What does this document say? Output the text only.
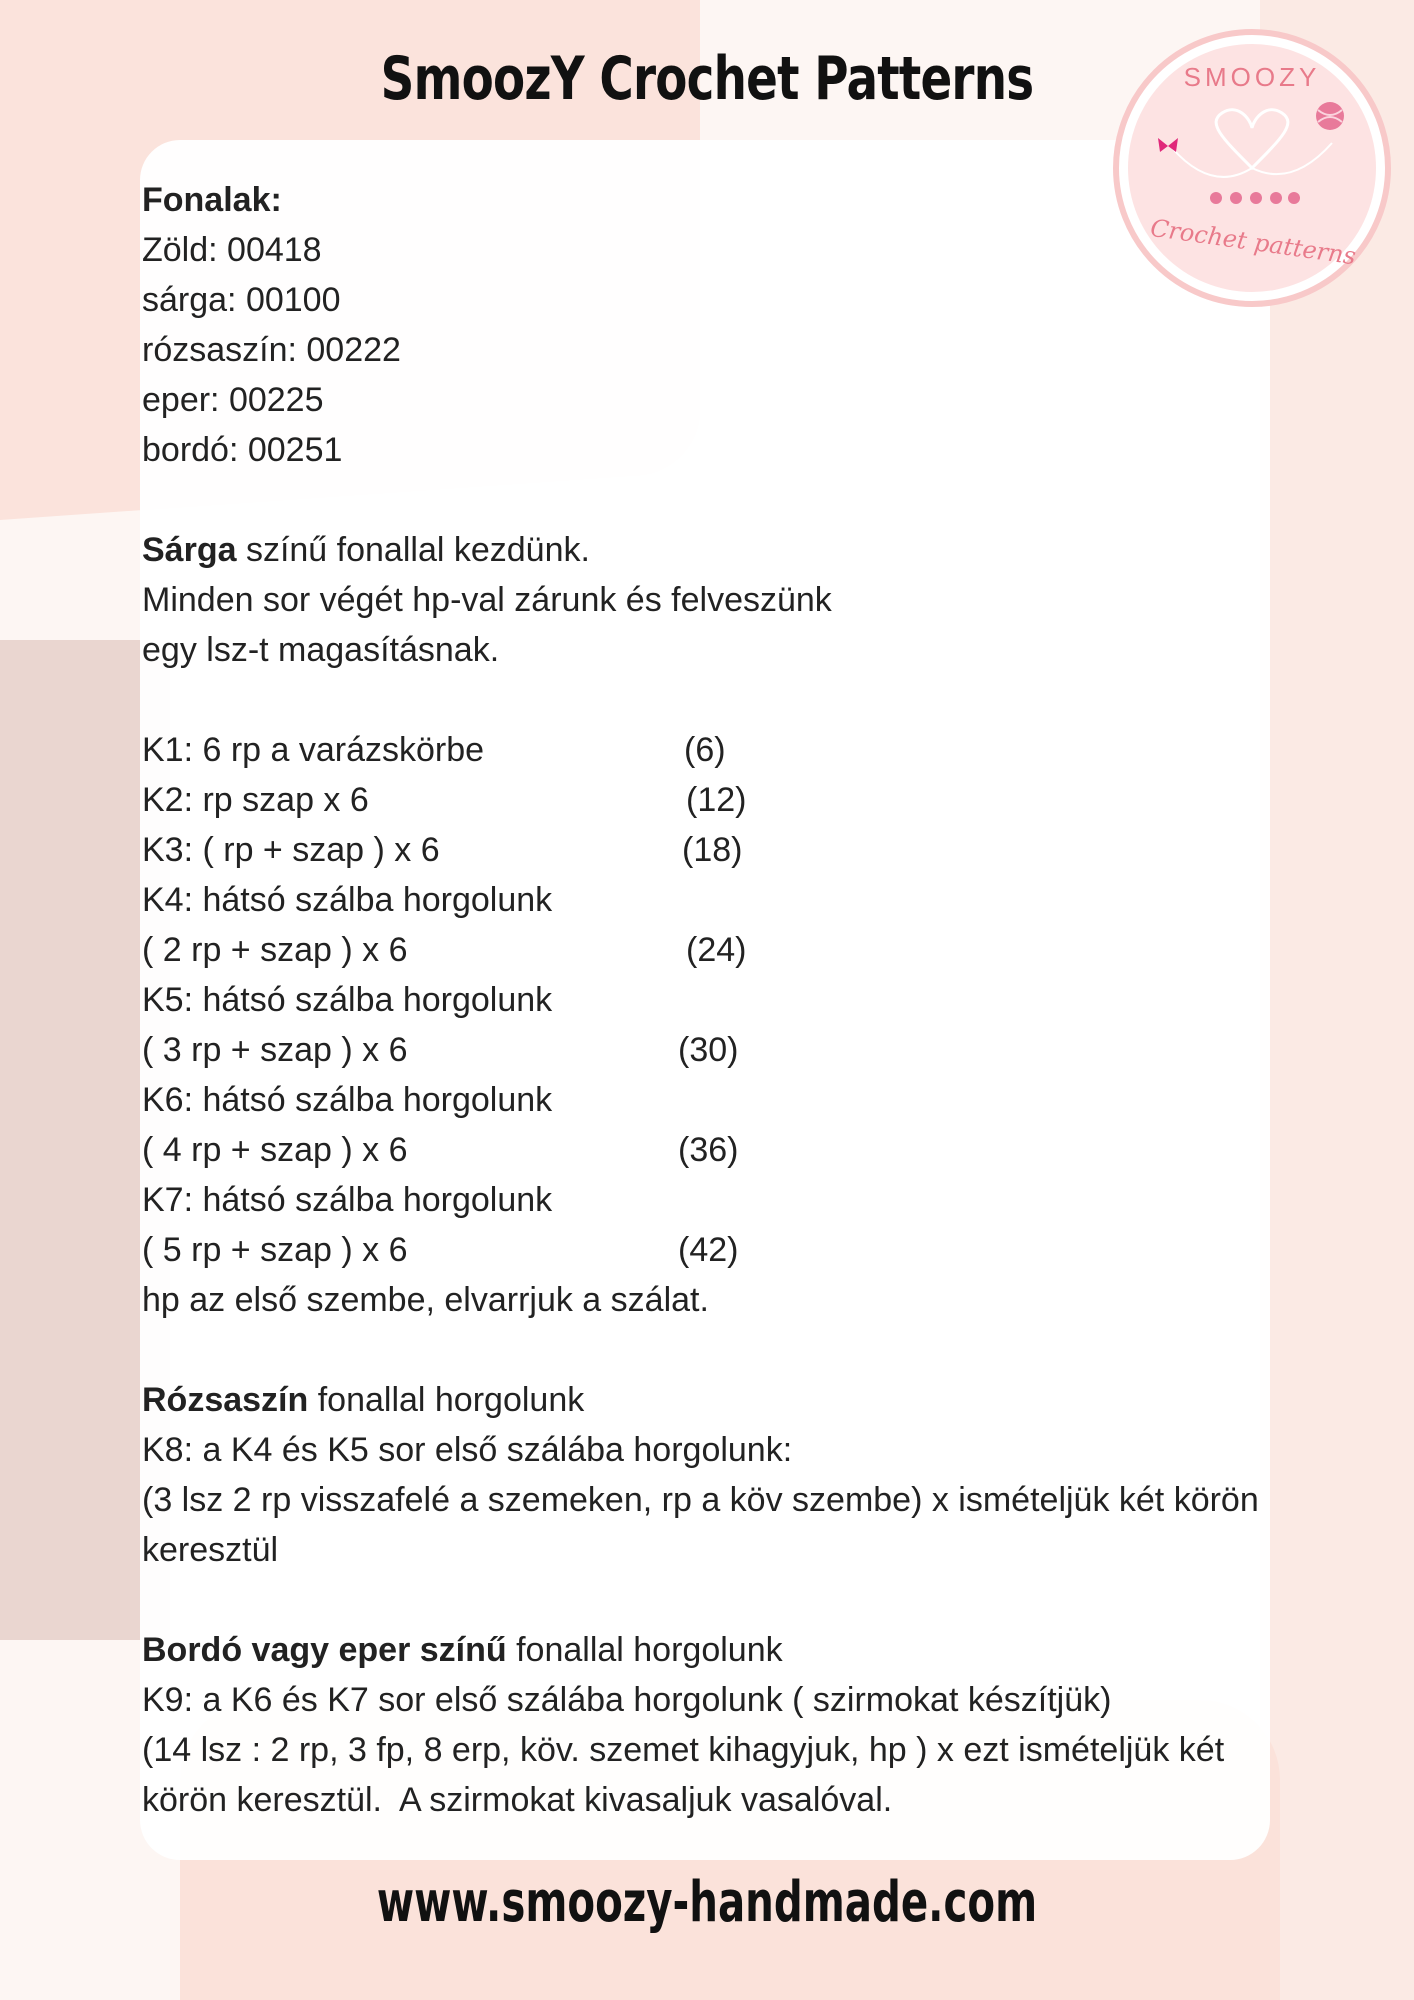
SmoozY Crochet Patterns	SMOOZY
Crochet patterns
Fonalak:
Zöld: 00418
sárga: 00100
rózsaszín: 00222
eper: 00225
bordó: 00251
Sárga színű fonallal kezdünk.
Minden sor végét hp-val zárunk és felveszünk
egy lsz-t magasításnak.
K1: 6 rp a varázskörbe	(6)
K2: rp szap x 6	(12)
K3: ( rp + szap ) x 6	(18)
K4: hátsó szálba horgolunk
( 2 rp + szap ) x 6	(24)
K5: hátsó szálba horgolunk
( 3 rp + szap ) x 6	(30)
K6: hátsó szálba horgolunk
( 4 rp + szap ) x 6	(36)
K7: hátsó szálba horgolunk
( 5 rp + szap ) x 6	(42)
hp az első szembe, elvarrjuk a szálat.
Rózsaszín fonallal horgolunk
K8: a K4 és K5 sor első szálába horgolunk:
(3 lsz 2 rp visszafelé a szemeken, rp a köv szembe) x ismételjük két körön
keresztül
Bordó vagy eper színű fonallal horgolunk
K9: a K6 és K7 sor első szálába horgolunk ( szirmokat készítjük)
(14 lsz : 2 rp, 3 fp, 8 erp, köv. szemet kihagyjuk, hp ) x ezt ismételjük két
körön keresztül.  A szirmokat kivasaljuk vasalóval.
www.smoozy-handmade.com
